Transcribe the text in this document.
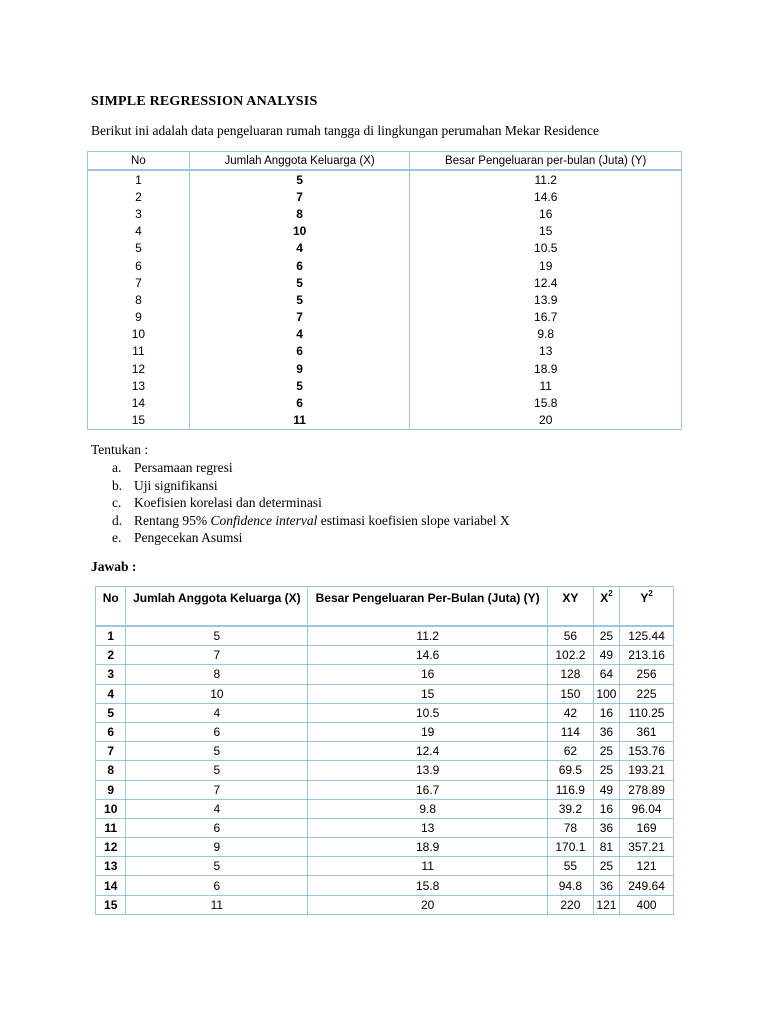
SIMPLE REGRESSION ANALYSIS
Berikut ini adalah data pengeluaran rumah tangga di lingkungan perumahan Mekar Residence
No	Jumlah Anggota Keluarga (X)	Besar Pengeluaran per-bulan (Juta) (Y)
1	5	11.2
2	7	14.6
3	8	16
4	10	15
5	4	10.5
6	6	19
7	5	12.4
8	5	13.9
9	7	16.7
10	4	9.8
11	6	13
12	9	18.9
13	5	11
14	6	15.8
15	11	20
Tentukan :
a. Persamaan regresi
b. Uji signifikansi
c. Koefisien korelasi dan determinasi
d. Rentang 95% Confidence interval estimasi koefisien slope variabel X
e. Pengecekan Asumsi
Jawab :
No	Jumlah Anggota Keluarga (X)	Besar Pengeluaran Per-Bulan (Juta) (Y)	XY	$X^2$	$Y^2$
1	5	11.2	56	25	125.44
2	7	14.6	102.2	49	213.16
3	8	16	128	64	256
4	10	15	150	100	225
5	4	10.5	42	16	110.25
6	6	19	114	36	361
7	5	12.4	62	25	153.76
8	5	13.9	69.5	25	193.21
9	7	16.7	116.9	49	278.89
10	4	9.8	39.2	16	96.04
11	6	13	78	36	169
12	9	18.9	170.1	81	357.21
13	5	11	55	25	121
14	6	15.8	94.8	36	249.64
15	11	20	220	121	400
